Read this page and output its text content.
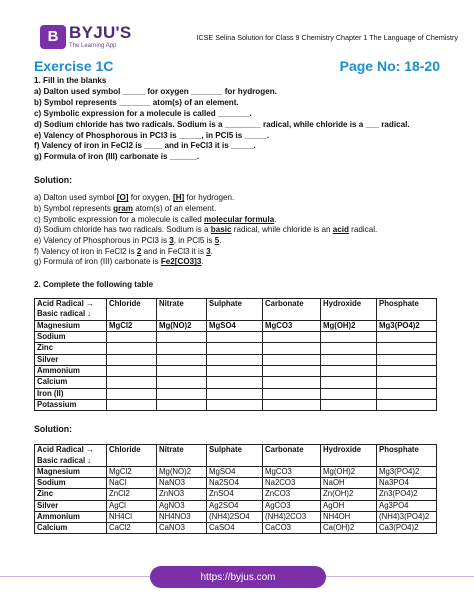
B BYJU'S
The Learning App
ICSE Selina Solution for Class 9 Chemistry Chapter 1 The Language of Chemistry
Exercise 1C	Page No: 18-20

1. Fill in the blanks

a) Dalton used symbol _____ for oxygen _______ for hydrogen.

b) Symbol represents _______ atom(s) of an element.

c) Symbolic expression for a molecule is called _______.

d) Sodium chloride has two radicals. Sodium is a ________ radical, while chloride is a ___ radical.

e) Valency of Phosphorous in PCl3 is _____, in PCl5 is _____.

f) Valency of iron in FeCl2 is ____ and in FeCl3 it is _____.

g) Formula of iron (III) carbonate is ______.

Solution:

a) Dalton used symbol [O] for oxygen, [H] for hydrogen.

b) Symbol represents gram atom(s) of an element.

c) Symbolic expression for a molecule is called molecular formula.

d) Sodium chloride has two radicals. Sodium is a basic radical, while chloride is an acid radical.

e) Valency of Phosphorous in PCl3 is 3, in PCl5 is 5.

f) Valency of iron in FeCl2 is 2 and in FeCl3 it is 3.

g) Formula of iron (III) carbonate is Fe2[CO3]3.

2. Complete the following table

Acid Radical → Basic radical ↓	Chloride	Nitrate	Sulphate	Carbonate	Hydroxide	Phosphate
Magnesium	MgCl2	Mg(NO)2	MgSO4	MgCO3	Mg(OH)2	Mg3(PO4)2
Sodium						
Zinc						
Silver						
Ammonium						
Calcium						
Iron (II)						
Potassium						

Solution:

Acid Radical → Basic radical ↓	Chloride	Nitrate	Sulphate	Carbonate	Hydroxide	Phosphate
Magnesium	MgCl2	Mg(NO)2	MgSO4	MgCO3	Mg(OH)2	Mg3(PO4)2
Sodium	NaCl	NaNO3	Na2SO4	Na2CO3	NaOH	Na3PO4
Zinc	ZnCl2	ZnNO3	ZnSO4	ZnCO3	Zn(OH)2	Zn3(PO4)2
Silver	AgCl	AgNO3	Ag2SO4	AgCO3	AgOH	Ag3PO4
Ammonium	NH4Cl	NH4NO3	(NH4)2SO4	(NH4)2CO3	NH4OH	(NH4)3(PO4)2
Calcium	CaCl2	CaNO3	CaSO4	CaCO3	Ca(OH)2	Ca3(PO4)2
https://byjus.com
